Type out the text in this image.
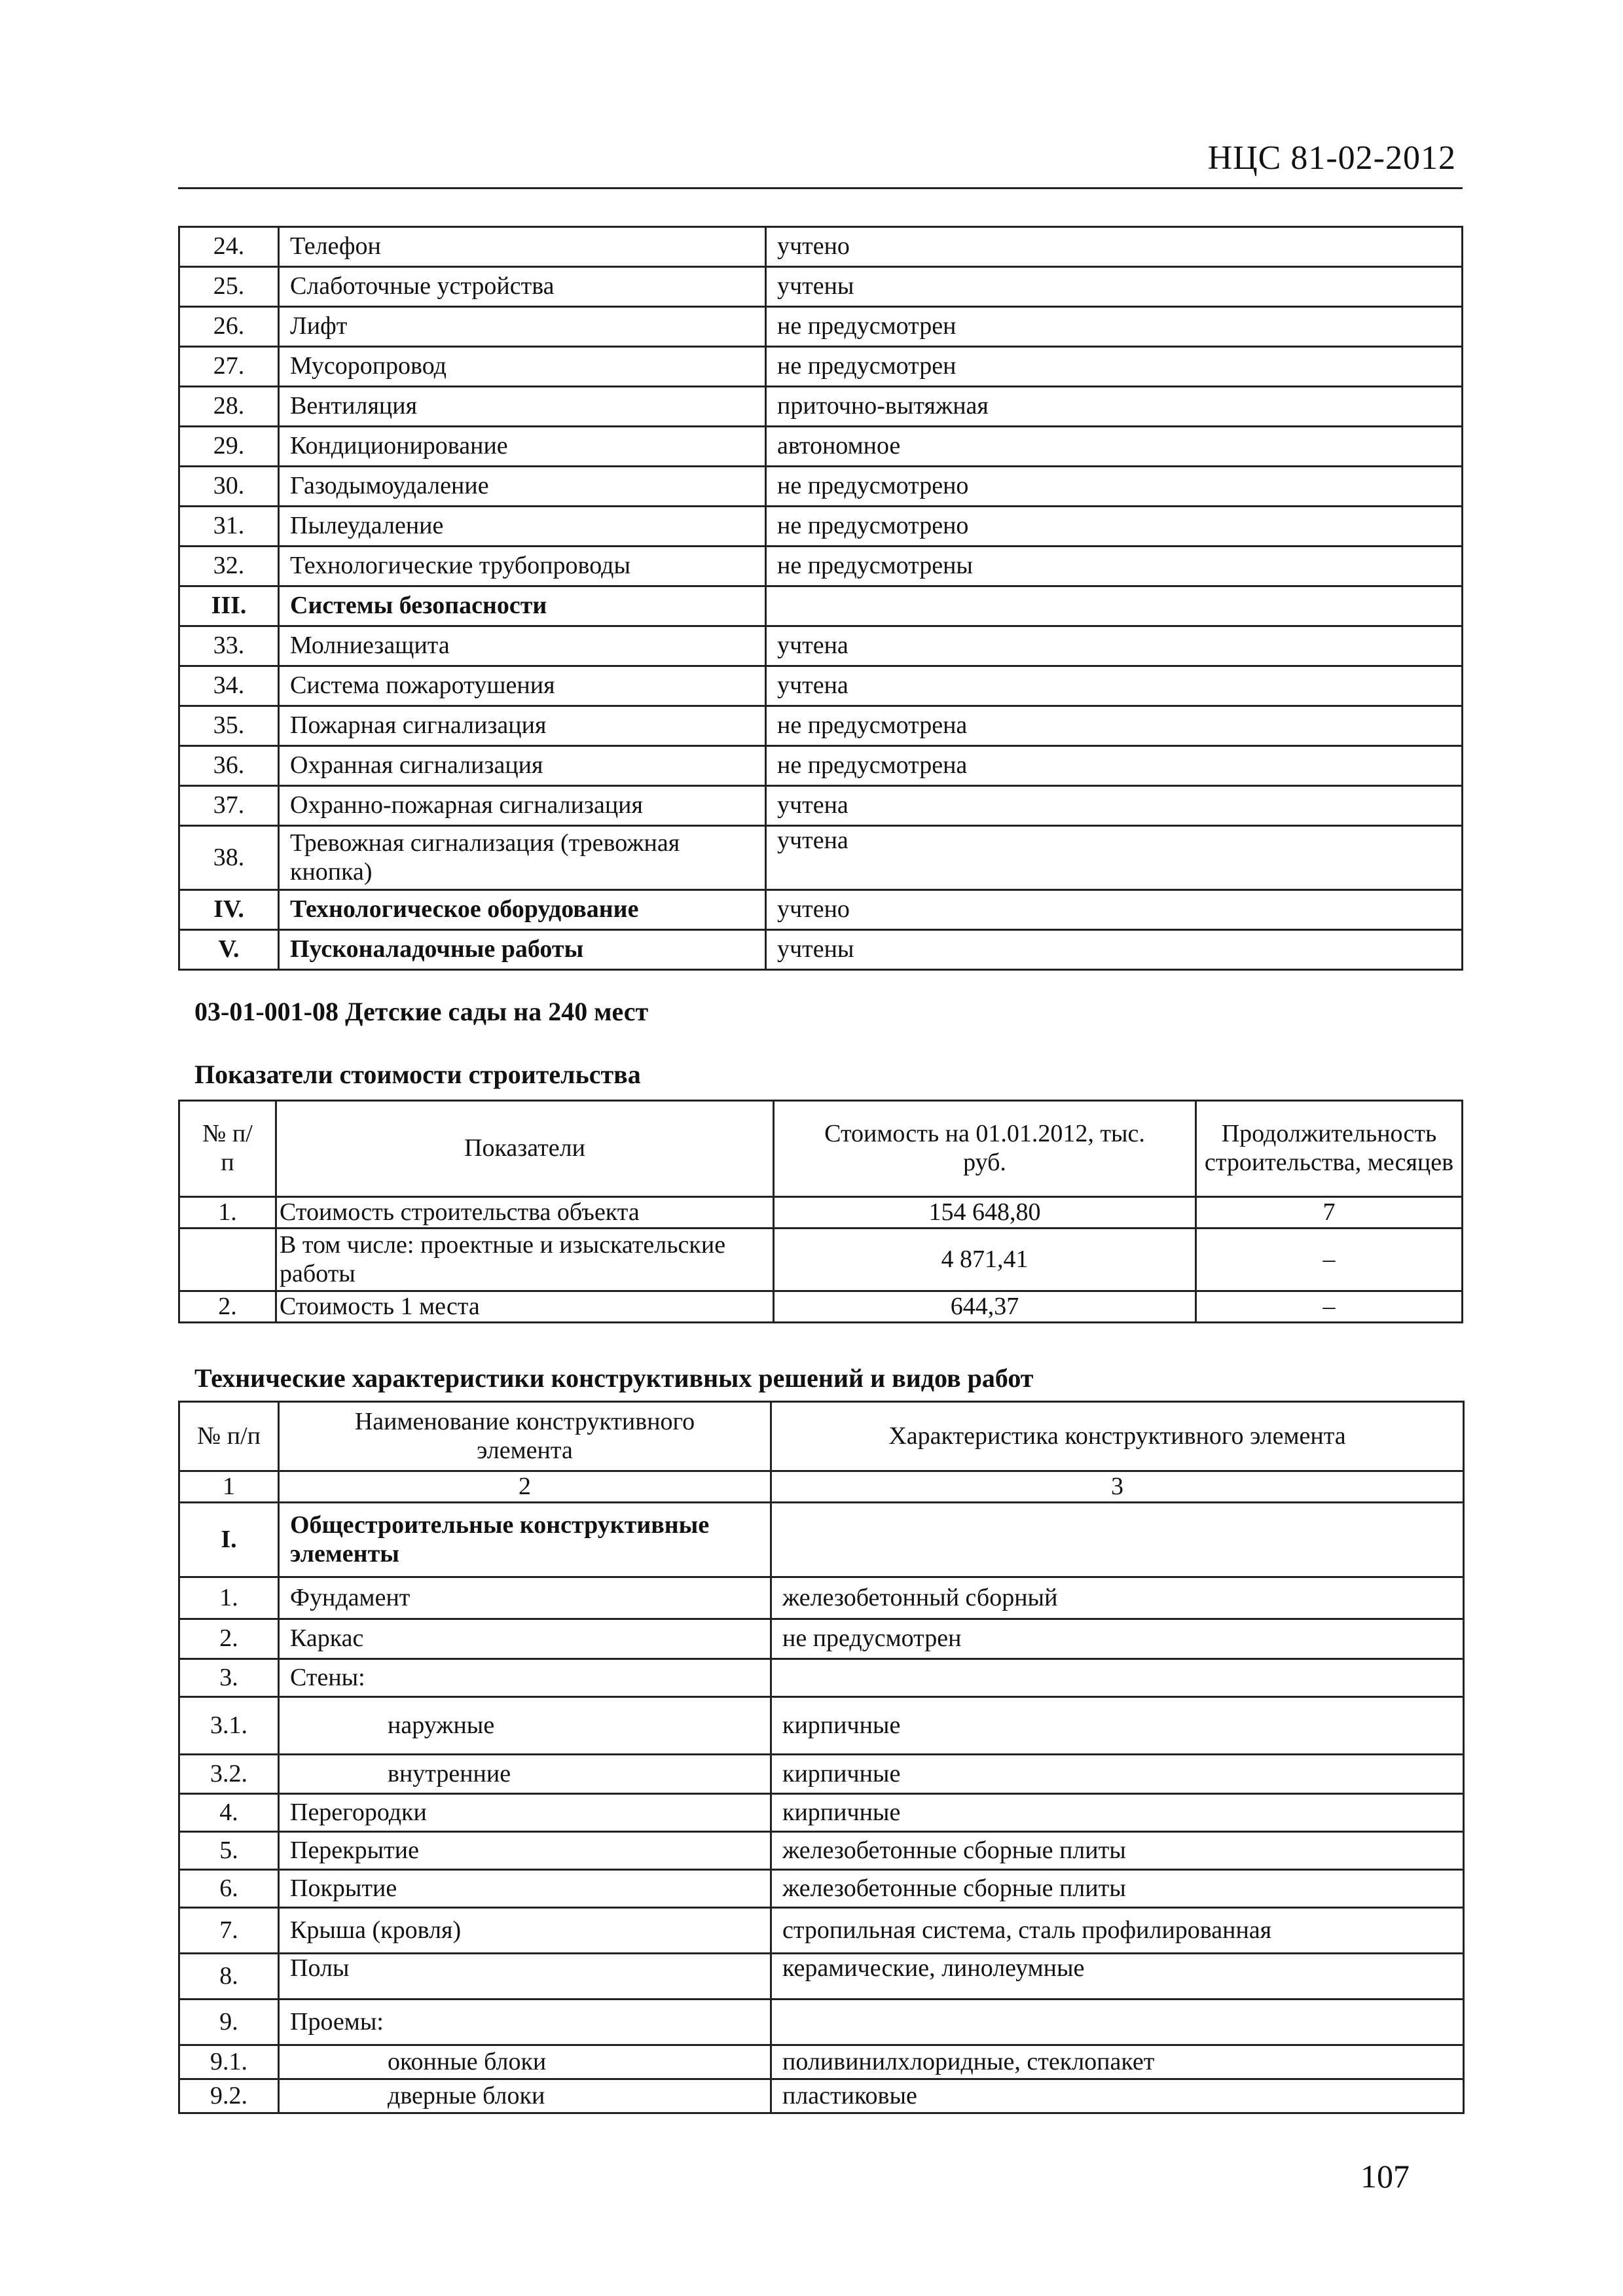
НЦС 81-02-2012
24.	Телефон	учтено
25.	Слаботочные устройства	учтены
26.	Лифт	не предусмотрен
27.	Мусоропровод	не предусмотрен
28.	Вентиляция	приточно-вытяжная
29.	Кондиционирование	автономное
30.	Газодымоудаление	не предусмотрено
31.	Пылеудаление	не предусмотрено
32.	Технологические трубопроводы	не предусмотрены
III.	Системы безопасности	
33.	Молниезащита	учтена
34.	Система пожаротушения	учтена
35.	Пожарная сигнализация	не предусмотрена
36.	Охранная сигнализация	не предусмотрена
37.	Охранно-пожарная сигнализация	учтена
38.	Тревожная сигнализация (тревожная кнопка)	учтена
IV.	Технологическое оборудование	учтено
V.	Пусконаладочные работы	учтены
03-01-001-08 Детские сады на 240 мест
Показатели стоимости строительства
№ п/п	Показатели	Стоимость на 01.01.2012, тыс. руб.	Продолжительность строительства, месяцев
1.	Стоимость строительства объекта	154 648,80	7
	В том числе: проектные и изыскательские работы	4 871,41	–
2.	Стоимость 1 места	644,37	–
Технические характеристики конструктивных решений и видов работ
№ п/п	Наименование конструктивного элемента	Характеристика конструктивного элемента
1	2	3
I.	Общестроительные конструктивные элементы	
1.	Фундамент	железобетонный сборный
2.	Каркас	не предусмотрен
3.	Стены:	
3.1.	наружные	кирпичные
3.2.	внутренние	кирпичные
4.	Перегородки	кирпичные
5.	Перекрытие	железобетонные сборные плиты
6.	Покрытие	железобетонные сборные плиты
7.	Крыша (кровля)	стропильная система, сталь профилированная
8.	Полы	керамические, линолеумные
9.	Проемы:	
9.1.	оконные блоки	поливинилхлоридные, стеклопакет
9.2.	дверные блоки	пластиковые
107
